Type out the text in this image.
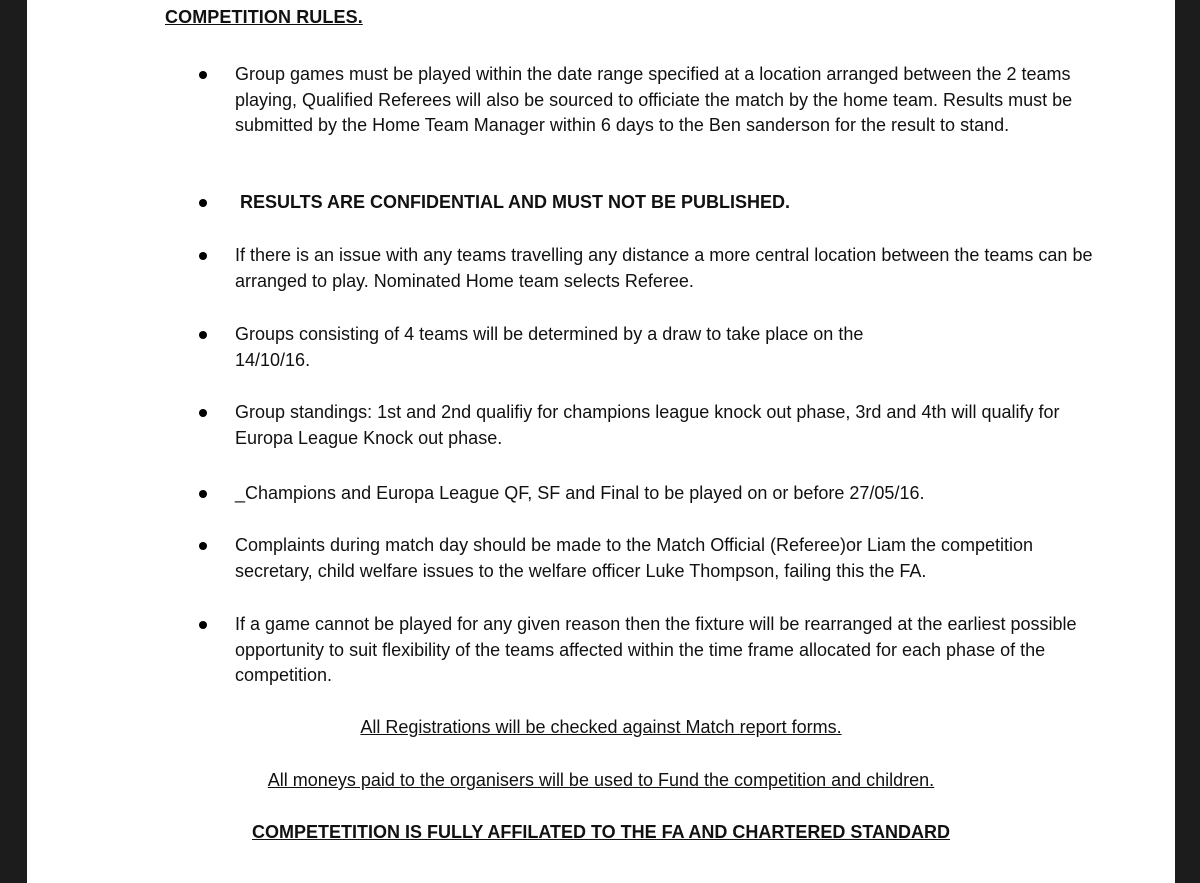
COMPETITION RULES.
Group games must be played within the date range specified at a location arranged between the 2 teams playing, Qualified Referees will also be sourced to officiate the match by the home team. Results must be submitted by the Home Team Manager within 6 days to the Ben sanderson for the result to stand.
RESULTS ARE CONFIDENTIAL AND MUST NOT BE PUBLISHED.
If there is an issue with any teams travelling any distance a more central location between the teams can be arranged to play. Nominated Home team selects Referee.
Groups consisting of 4 teams will be determined by a draw to take place on the 14/10/16.
Group standings: 1st and 2nd qualifiy for champions league knock out phase, 3rd and 4th will qualify for Europa League Knock out phase.
_Champions and Europa League QF, SF and Final to be played on or before 27/05/16.
Complaints during match day should be made to the Match Official (Referee)or Liam the competition secretary, child welfare issues to the welfare officer Luke Thompson, failing this the FA.
If a game cannot be played for any given reason then the fixture will be rearranged at the earliest possible opportunity to suit flexibility of the teams affected within the time frame allocated for each phase of the competition.
All Registrations will be checked against Match report forms.
All moneys paid to the organisers will be used to Fund the competition and children.
COMPETETITION IS FULLY AFFILATED TO THE FA AND CHARTERED STANDARD
